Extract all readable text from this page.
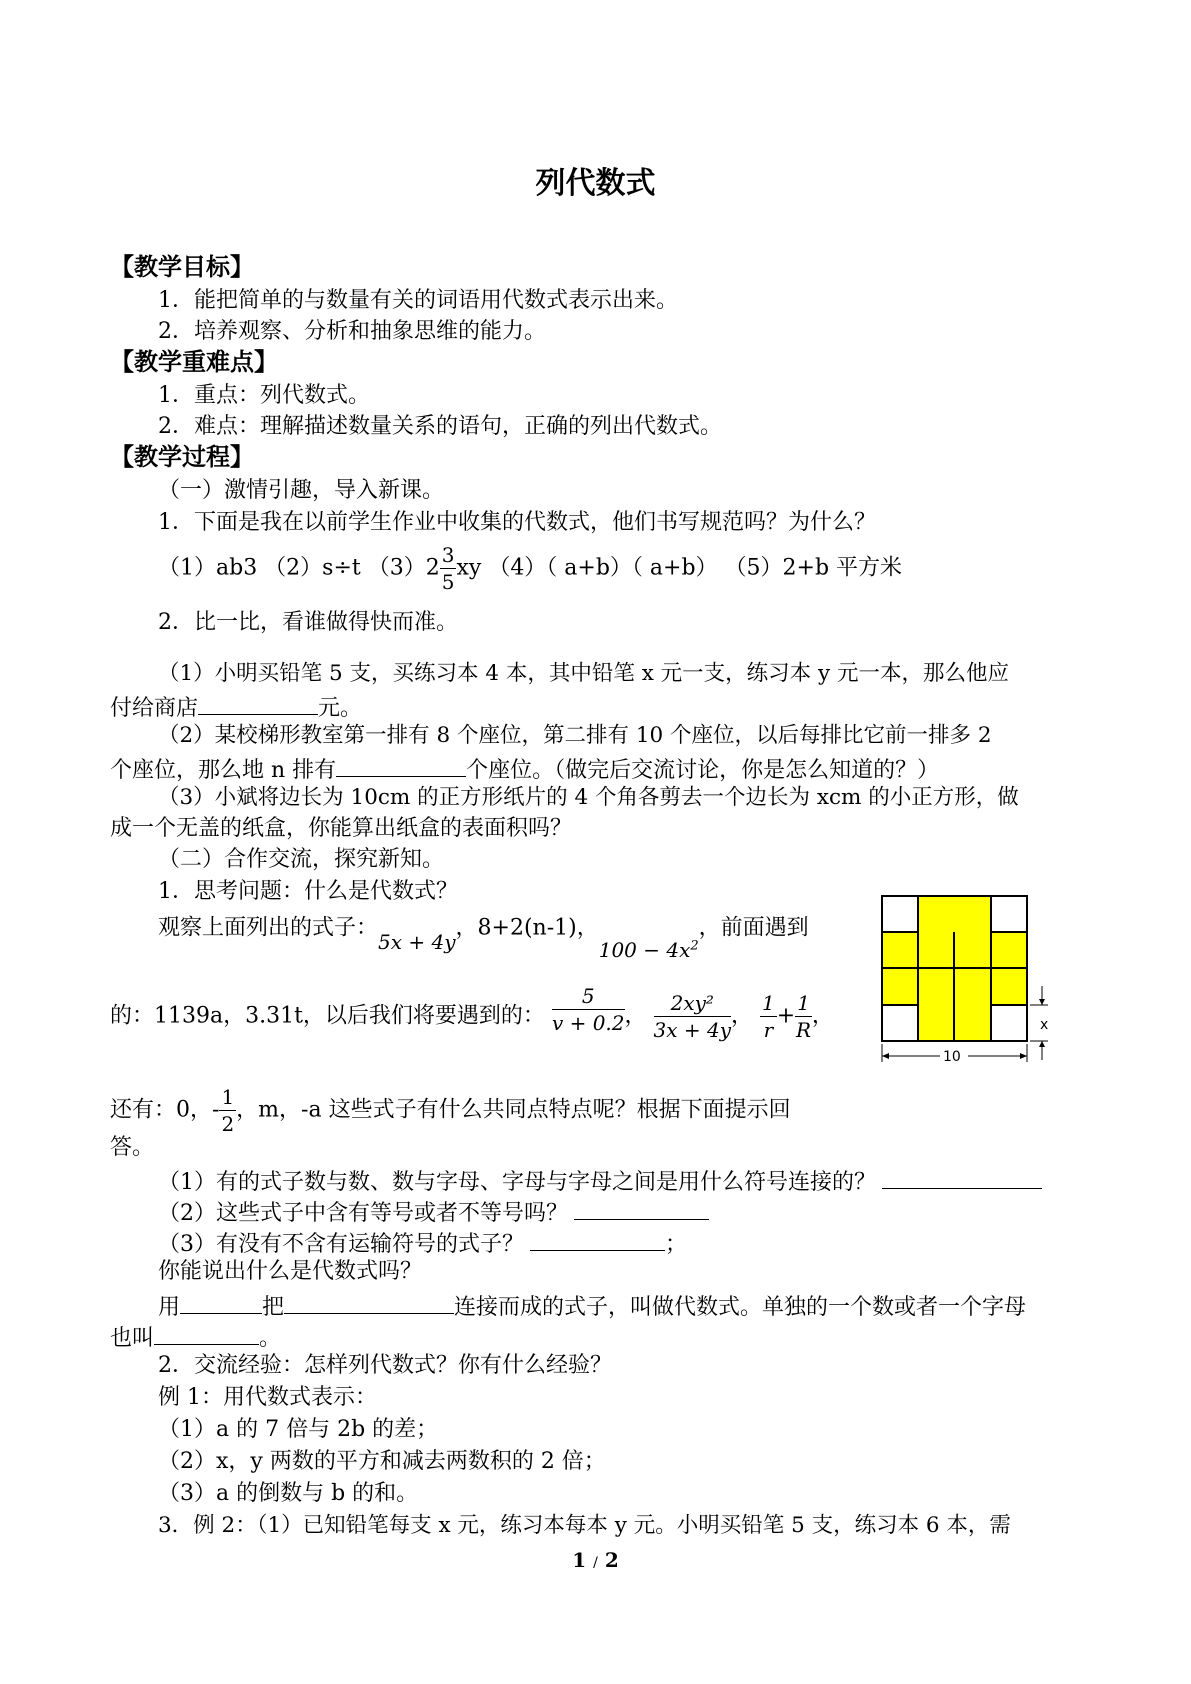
列代数式
【教学目标】
1．能把简单的与数量有关的词语用代数式表示出来。
2．培养观察、分析和抽象思维的能力。
【教学重难点】
1．重点：列代数式。
2．难点：理解描述数量关系的语句，正确的列出代数式。
【教学过程】
（一）激情引趣，导入新课。
1．下面是我在以前学生作业中收集的代数式，他们书写规范吗？为什么？
（1）ab3 （2）s÷t $(3)2 \frac{3}{5}$ xy （4）（ a+b）（ a+b） （5）2+b 平方米
2．比一比，看谁做得快而准。
（1）小明买铅笔 5 支，买练习本 4 本，其中铅笔 x 元一支，练习本 y 元一本，那么他应
付给商店	元。
（2）某校梯形教室第一排有 8 个座位，第二排有 10 个座位，以后每排比它前一排多 2
个座位，那么地 n 排有	个座位。（做完后交流讨论，你是怎么知道的？）
（3）小斌将边长为 10cm 的正方形纸片的 4 个角各剪去一个边长为 xcm 的小正方形，做
成一个无盖的纸盒，你能算出纸盒的表面积吗？
（二）合作交流，探究新知。
1．思考问题：什么是代数式？
观察上面列出的式子：5x + 4y，8+2(n-1)，$100 - 4x^2$，前面遇到
的：1139a，3.31t，以后我们将要遇到的： $\frac{5}{v + 0.2}$ ， $\frac{\text{2xy²}}{3x + 4y}$ ， $\frac{1}{r} + \frac{1}{R}$ ，
还有：0，- $\frac{1}{2}$ ，m，-a 这些式子有什么共同点特点呢？根据下面提示回
答。
（1）有的式子数与数、数与字母、字母与字母之间是用什么符号连接的？
（2）这些式子中含有等号或者不等号吗？
（3）有没有不含有运输符号的式子？	；
你能说出什么是代数式吗？
用	把	连接而成的式子，叫做代数式。单独的一个数或者一个字母
也叫	。
2．交流经验：怎样列代数式？你有什么经验？
例 1：用代数式表示：
（1）a 的 7 倍与 2b 的差；
（2）x，y 两数的平方和减去两数积的 2 倍；
（3）a 的倒数与 b 的和。
3．例 2：（1）已知铅笔每支 x 元，练习本每本 y 元。小明买铅笔 5 支，练习本 6 本，需
x
10
1 / 2
